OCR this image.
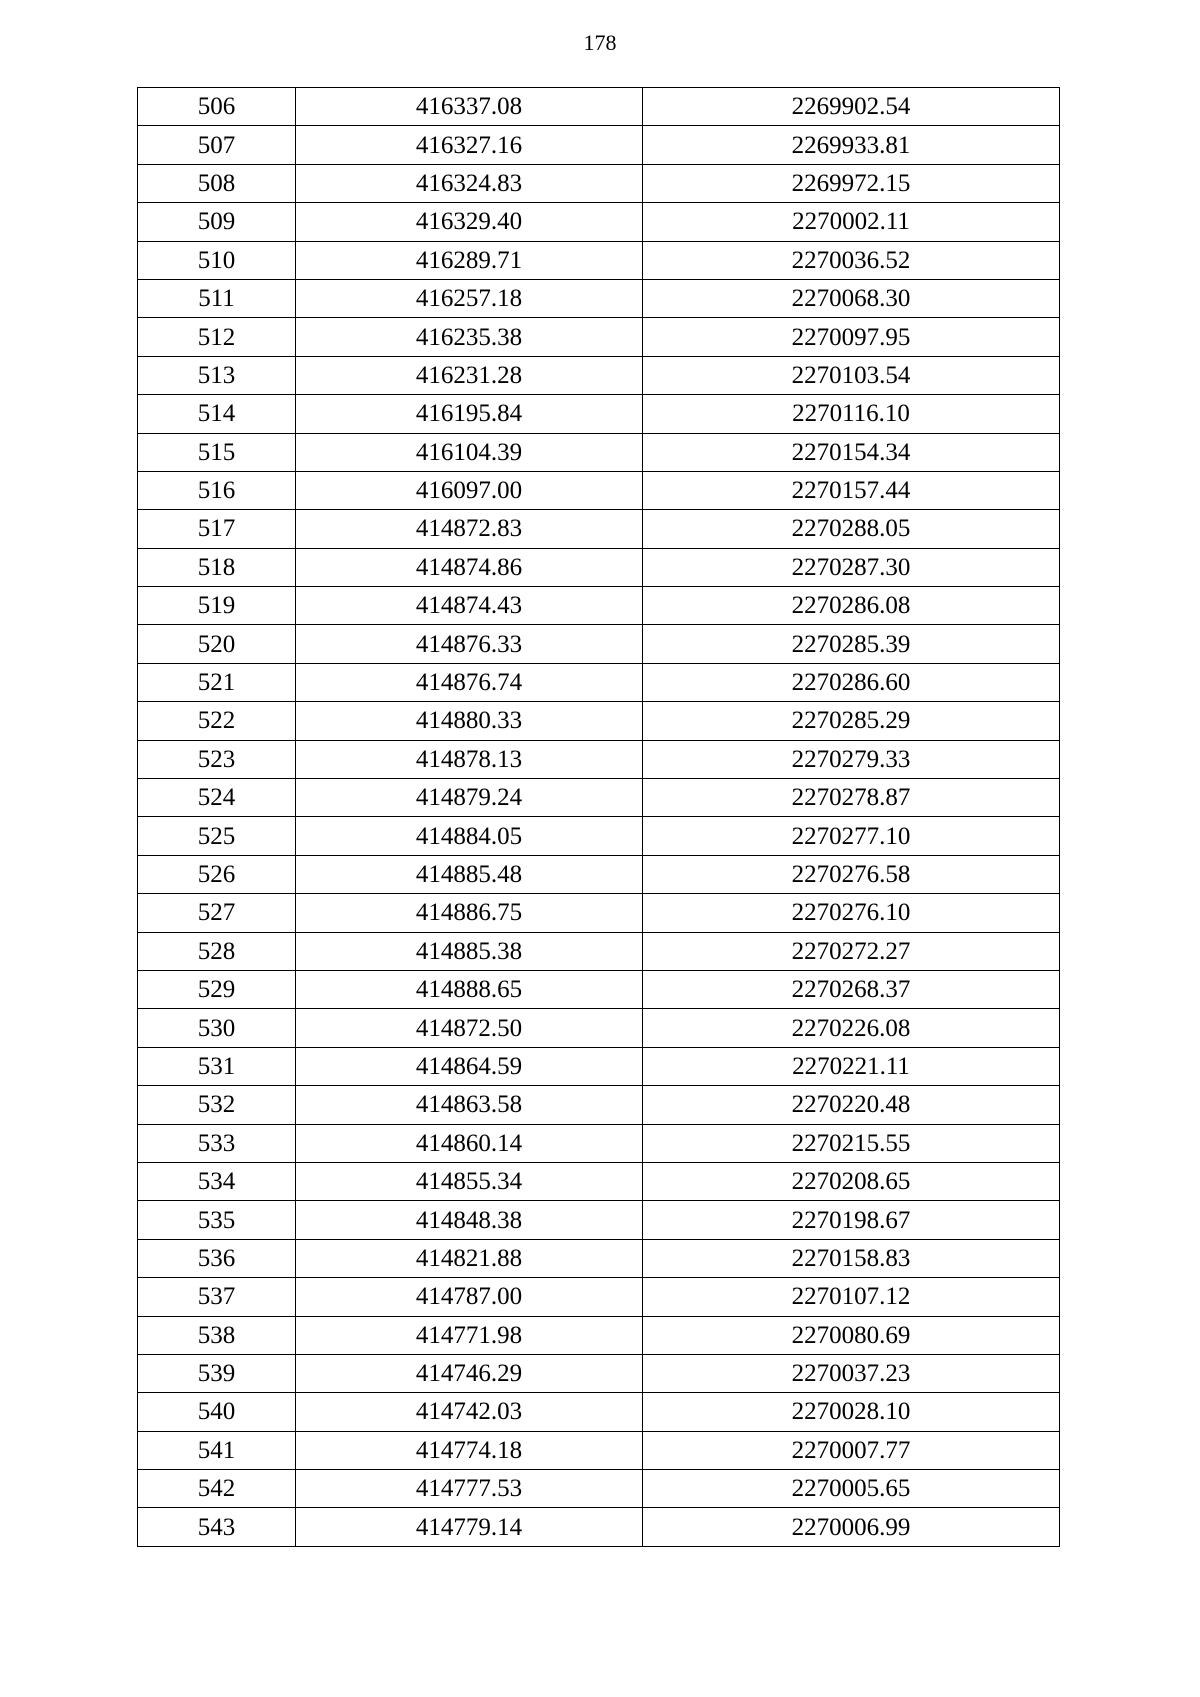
178
506	416337.08	2269902.54
507	416327.16	2269933.81
508	416324.83	2269972.15
509	416329.40	2270002.11
510	416289.71	2270036.52
511	416257.18	2270068.30
512	416235.38	2270097.95
513	416231.28	2270103.54
514	416195.84	2270116.10
515	416104.39	2270154.34
516	416097.00	2270157.44
517	414872.83	2270288.05
518	414874.86	2270287.30
519	414874.43	2270286.08
520	414876.33	2270285.39
521	414876.74	2270286.60
522	414880.33	2270285.29
523	414878.13	2270279.33
524	414879.24	2270278.87
525	414884.05	2270277.10
526	414885.48	2270276.58
527	414886.75	2270276.10
528	414885.38	2270272.27
529	414888.65	2270268.37
530	414872.50	2270226.08
531	414864.59	2270221.11
532	414863.58	2270220.48
533	414860.14	2270215.55
534	414855.34	2270208.65
535	414848.38	2270198.67
536	414821.88	2270158.83
537	414787.00	2270107.12
538	414771.98	2270080.69
539	414746.29	2270037.23
540	414742.03	2270028.10
541	414774.18	2270007.77
542	414777.53	2270005.65
543	414779.14	2270006.99
